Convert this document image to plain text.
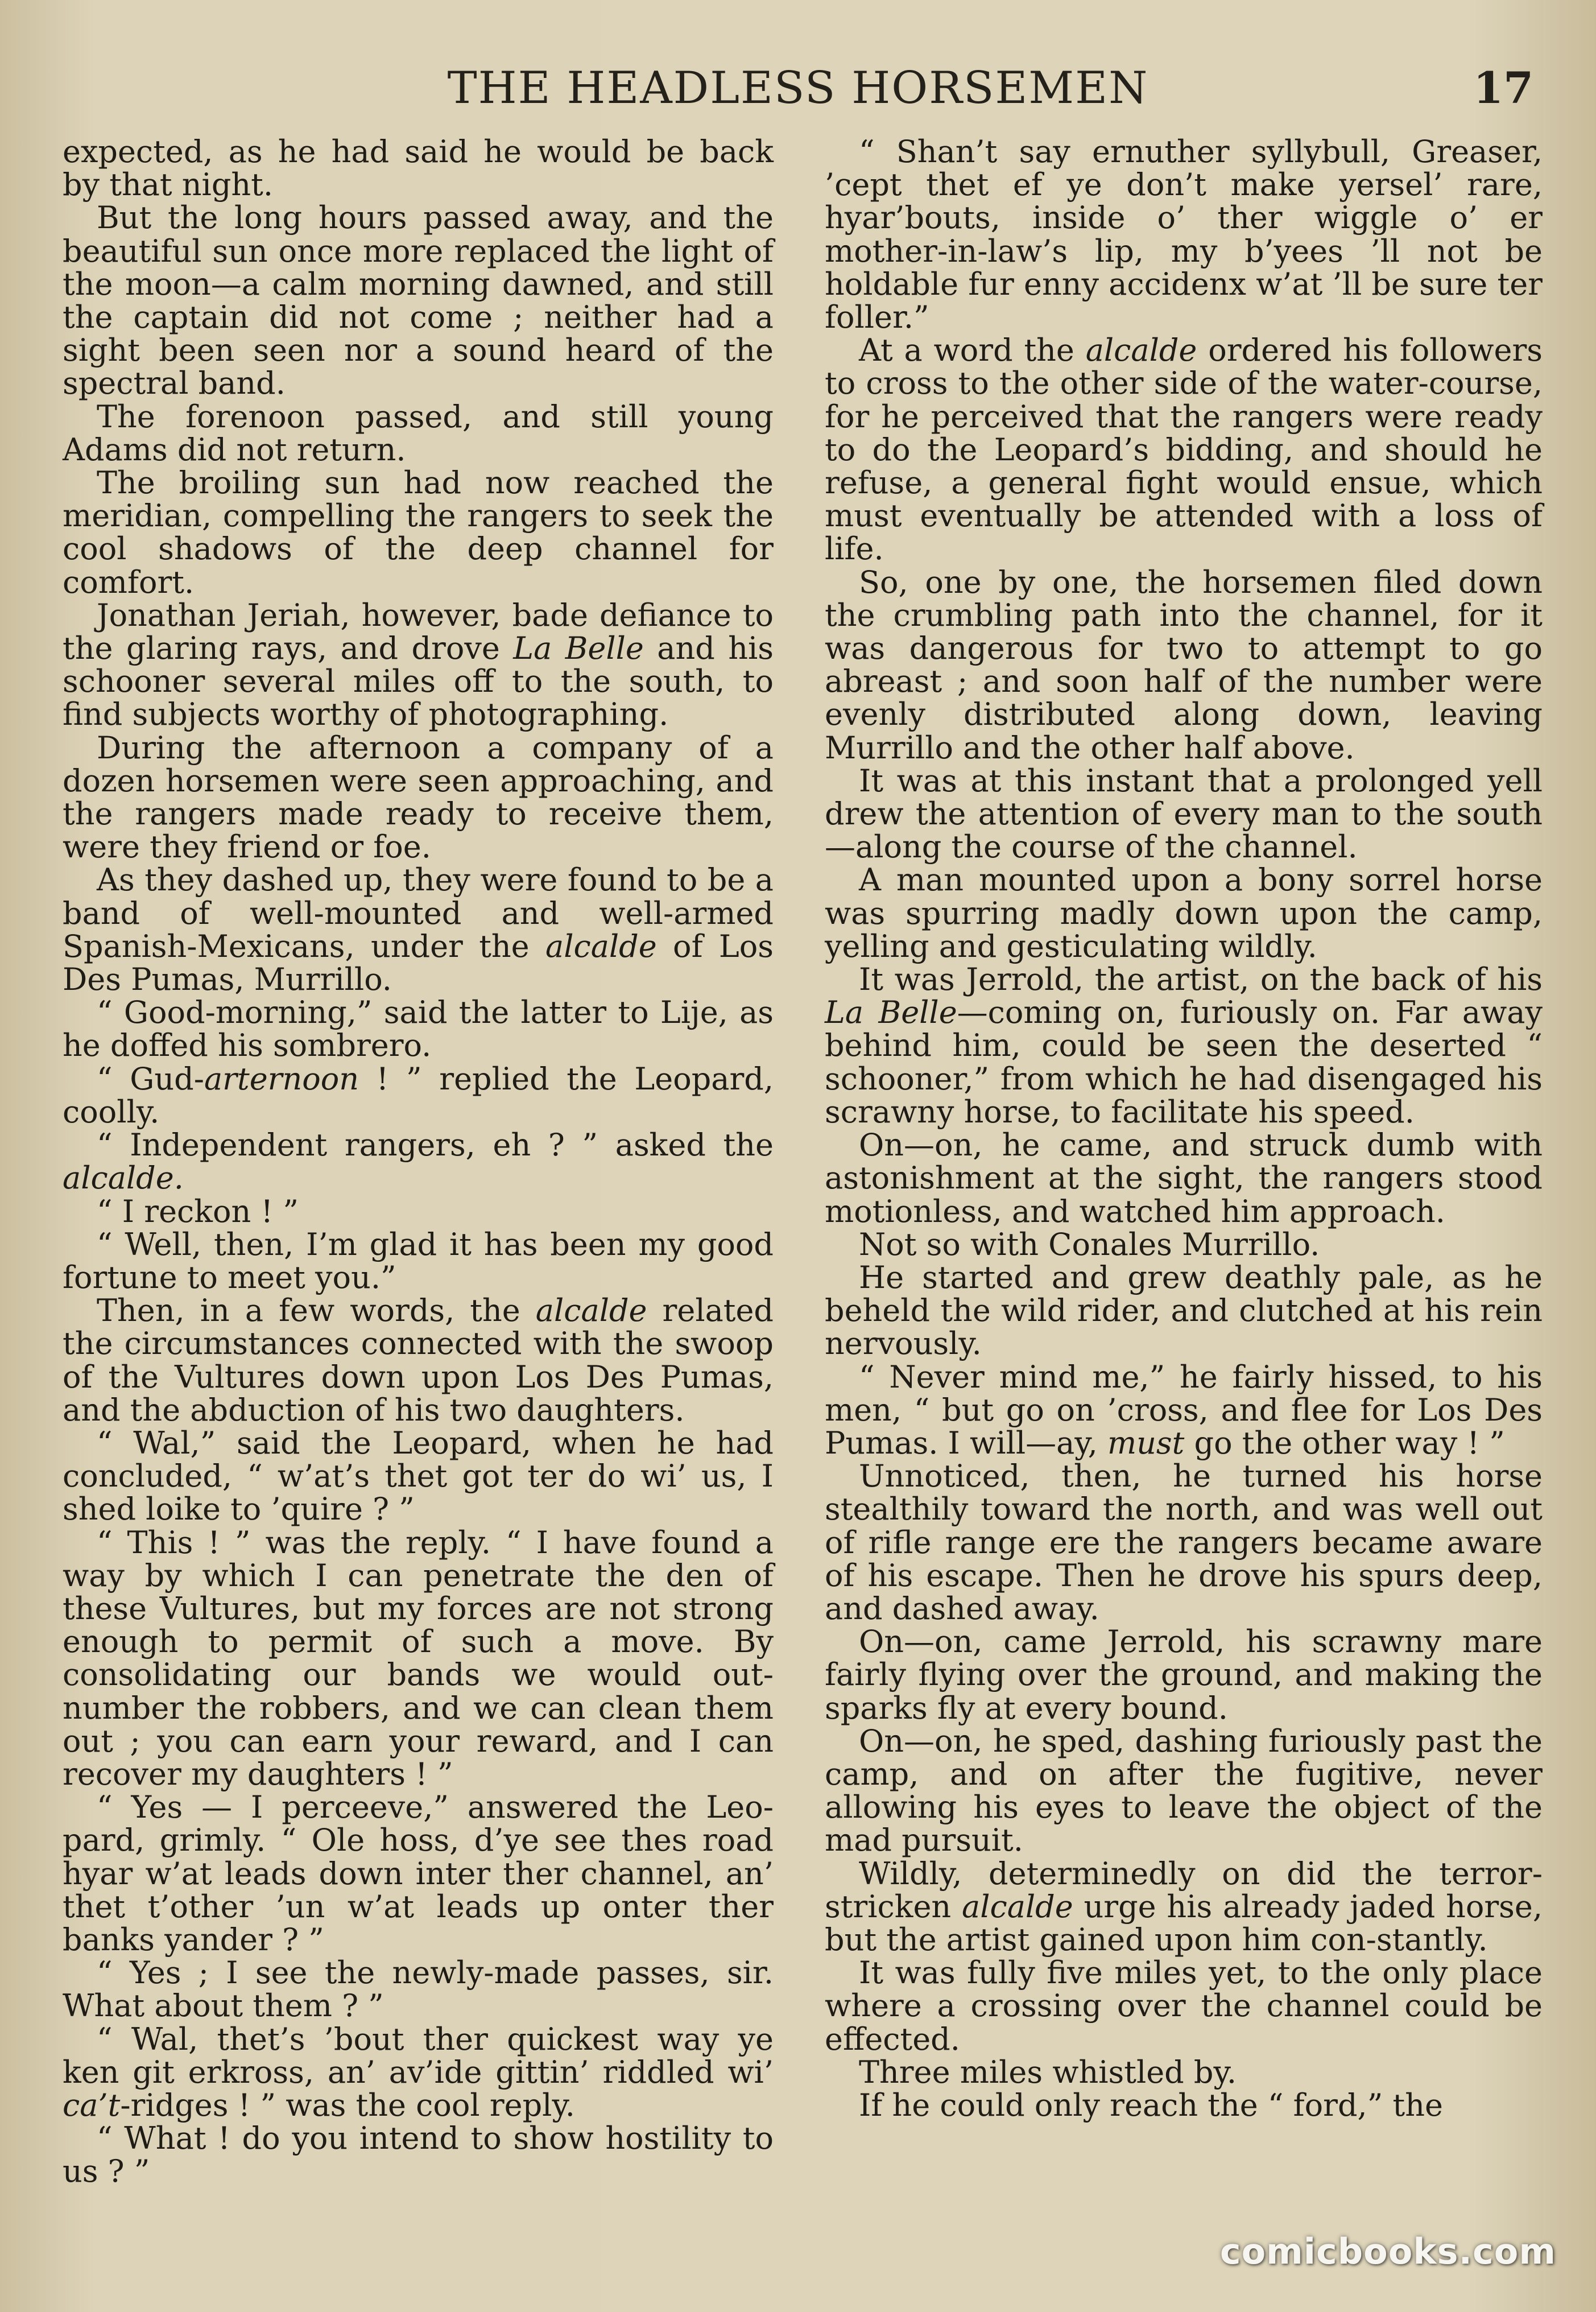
THE HEADLESS HORSEMEN	17

expected, as he had said he would be back by that night.

But the long hours passed away, and the beautiful sun once more replaced the light of the moon—a calm morning dawned, and still the captain did not come ; neither had a sight been seen nor a sound heard of the spectral band.

The forenoon passed, and still young Adams did not return.

The broiling sun had now reached the meridian, compelling the rangers to seek the cool shadows of the deep channel for comfort.

Jonathan Jeriah, however, bade defiance to the glaring rays, and drove La Belle and his schooner several miles off to the south, to find subjects worthy of photographing.

During the afternoon a company of a dozen horsemen were seen approaching, and the rangers made ready to receive them, were they friend or foe.

As they dashed up, they were found to be a band of well-mounted and well-armed Spanish-Mexicans, under the alcalde of Los Des Pumas, Murrillo.

“ Good-morning,” said the latter to Lije, as he doffed his sombrero.

“ Gud-arternoon ! ” replied the Leopard, coolly.

“ Independent rangers, eh ? ” asked the alcalde.

“ I reckon ! ”

“ Well, then, I’m glad it has been my good fortune to meet you.”

Then, in a few words, the alcalde related the circumstances connected with the swoop of the Vultures down upon Los Des Pumas, and the abduction of his two daughters.

“ Wal,” said the Leopard, when he had concluded, “ w’at’s thet got ter do wi’ us, I shed loike to ’quire ? ”

“ This ! ” was the reply. “ I have found a way by which I can penetrate the den of these Vultures, but my forces are not strong enough to permit of such a move. By consolidating our bands we would out-number the robbers, and we can clean them out ; you can earn your reward, and I can recover my daughters ! ”

“ Yes — I perceeve,” answered the Leo-pard, grimly. “ Ole hoss, d’ye see thes road hyar w’at leads down inter ther channel, an’ thet t’other ’un w’at leads up onter ther banks yander ? ”

“ Yes ; I see the newly-made passes, sir. What about them ? ”

“ Wal, thet’s ’bout ther quickest way ye ken git erkross, an’ av’ide gittin’ riddled wi’ ca’t-ridges ! ” was the cool reply.

“ What ! do you intend to show hostility to us ? ”

“ Shan’t say ernuther syllybull, Greaser, ’cept thet ef ye don’t make yersel’ rare, hyar’bouts, inside o’ ther wiggle o’ er mother-in-law’s lip, my b’yees ’ll not be holdable fur enny accidenx w’at ’ll be sure ter foller.”

At a word the alcalde ordered his followers to cross to the other side of the water-course, for he perceived that the rangers were ready to do the Leopard’s bidding, and should he refuse, a general fight would ensue, which must eventually be attended with a loss of life.

So, one by one, the horsemen filed down the crumbling path into the channel, for it was dangerous for two to attempt to go abreast ; and soon half of the number were evenly distributed along down, leaving Murrillo and the other half above.

It was at this instant that a prolonged yell drew the attention of every man to the south—along the course of the channel.

A man mounted upon a bony sorrel horse was spurring madly down upon the camp, yelling and gesticulating wildly.

It was Jerrold, the artist, on the back of his La Belle—coming on, furiously on. Far away behind him, could be seen the deserted “ schooner,” from which he had disengaged his scrawny horse, to facilitate his speed.

On—on, he came, and struck dumb with astonishment at the sight, the rangers stood motionless, and watched him approach.

Not so with Conales Murrillo.

He started and grew deathly pale, as he beheld the wild rider, and clutched at his rein nervously.

“ Never mind me,” he fairly hissed, to his men, “ but go on ’cross, and flee for Los Des Pumas. I will—ay, must go the other way ! ”

Unnoticed, then, he turned his horse stealthily toward the north, and was well out of rifle range ere the rangers became aware of his escape. Then he drove his spurs deep, and dashed away.

On—on, came Jerrold, his scrawny mare fairly flying over the ground, and making the sparks fly at every bound.

On—on, he sped, dashing furiously past the camp, and on after the fugitive, never allowing his eyes to leave the object of the mad pursuit.

Wildly, determinedly on did the terror-stricken alcalde urge his already jaded horse, but the artist gained upon him con-stantly.

It was fully five miles yet, to the only place where a crossing over the channel could be effected.

Three miles whistled by.

If he could only reach the “ ford,” the

comicbooks.com
